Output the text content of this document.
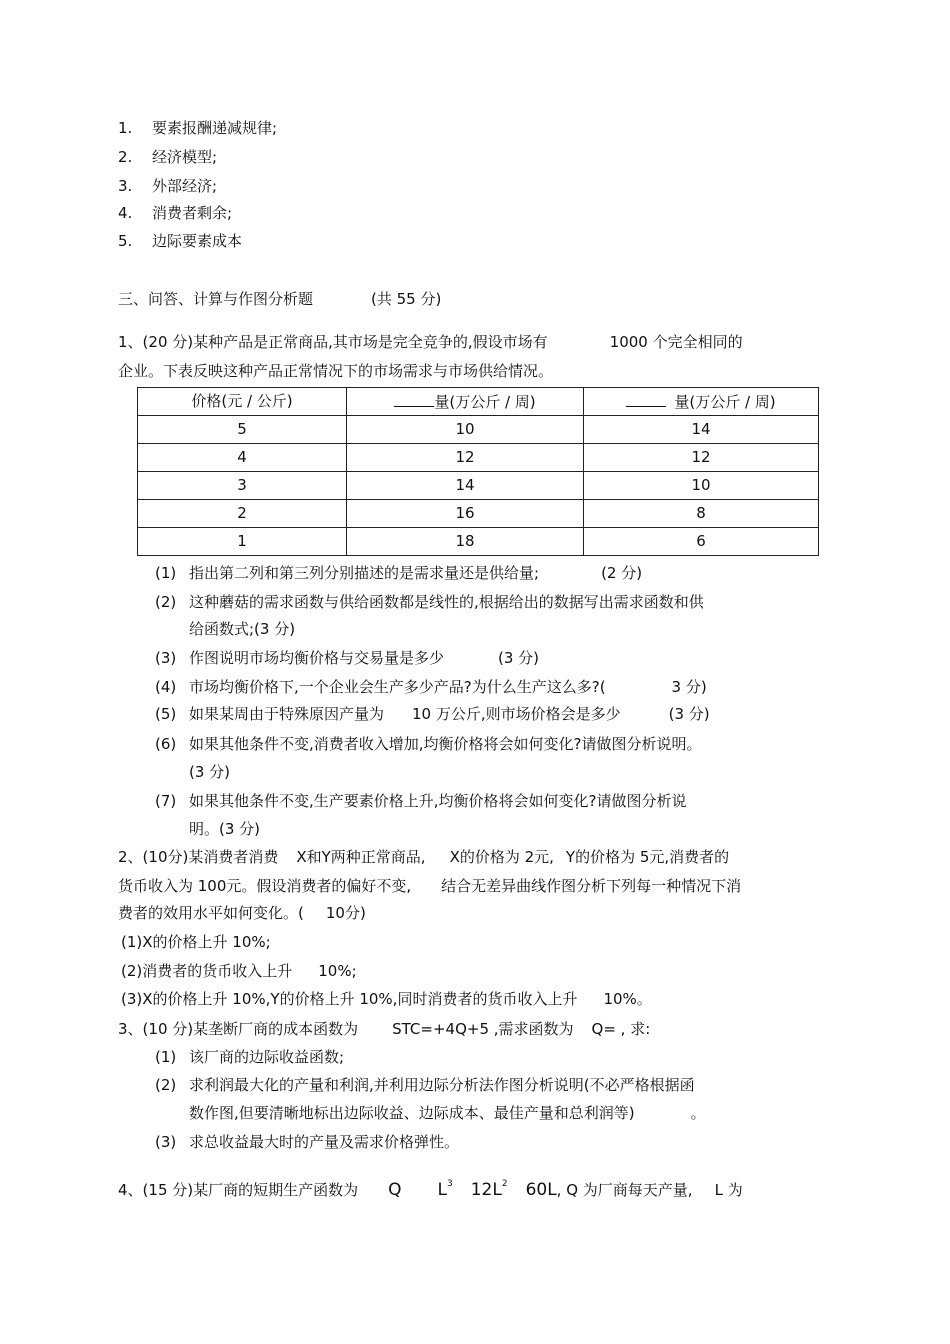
1. 要素报酬递减规律;
2. 经济模型;
3. 外部经济;
4. 消费者剩余;
5. 边际要素成本
三、问答、计算与作图分析题	(共 55 分)
1、(20 分)某种产品是正常商品,其市场是完全竞争的,假设市场有	1000 个完全相同的
企业。下表反映这种产品正常情况下的市场需求与市场供给情况。
价格(元 / 公斤)	量(万公斤 / 周)	量(万公斤 / 周)
5	10	14
4	12	12
3	14	10
2	16	8
1	18	6
(1) 指出第二列和第三列分别描述的是需求量还是供给量;	(2 分)
(2) 这种蘑菇的需求函数与供给函数都是线性的,根据给出的数据写出需求函数和供
给函数式;(3 分)
(3) 作图说明市场均衡价格与交易量是多少	(3 分)
(4) 市场均衡价格下,一个企业会生产多少产品?为什么生产这么多?(	3 分)
(5) 如果某周由于特殊原因产量为 10 万公斤,则市场价格会是多少	(3 分)
(6) 如果其他条件不变,消费者收入增加,均衡价格将会如何变化?请做图分析说明。
(3 分)
(7) 如果其他条件不变,生产要素价格上升,均衡价格将会如何变化?请做图分析说
明。(3 分)
2、(10分)某消费者消费 X和Y两种正常商品, X的价格为 2元, Y的价格为 5元,消费者的
货币收入为 100元。假设消费者的偏好不变, 结合无差异曲线作图分析下列每一种情况下消
费者的效用水平如何变化。( 10分)
(1)X的价格上升 10%;
(2)消费者的货币收入上升 10%;
(3)X的价格上升 10%,Y的价格上升 10%,同时消费者的货币收入上升 10%。
3、(10 分)某垄断厂商的成本函数为 STC=+4Q+5 ,需求函数为 Q= , 求:
(1) 该厂商的边际收益函数;
(2) 求利润最大化的产量和利润,并利用边际分析法作图分析说明(不必严格根据函
数作图,但要清晰地标出边际收益、边际成本、最佳产量和总利润等)	。
(3) 求总收益最大时的产量及需求价格弹性。
4、(15 分)某厂商的短期生产函数为 Q $L^3$ $12L^2$ 60L, Q 为厂商每天产量, L 为
